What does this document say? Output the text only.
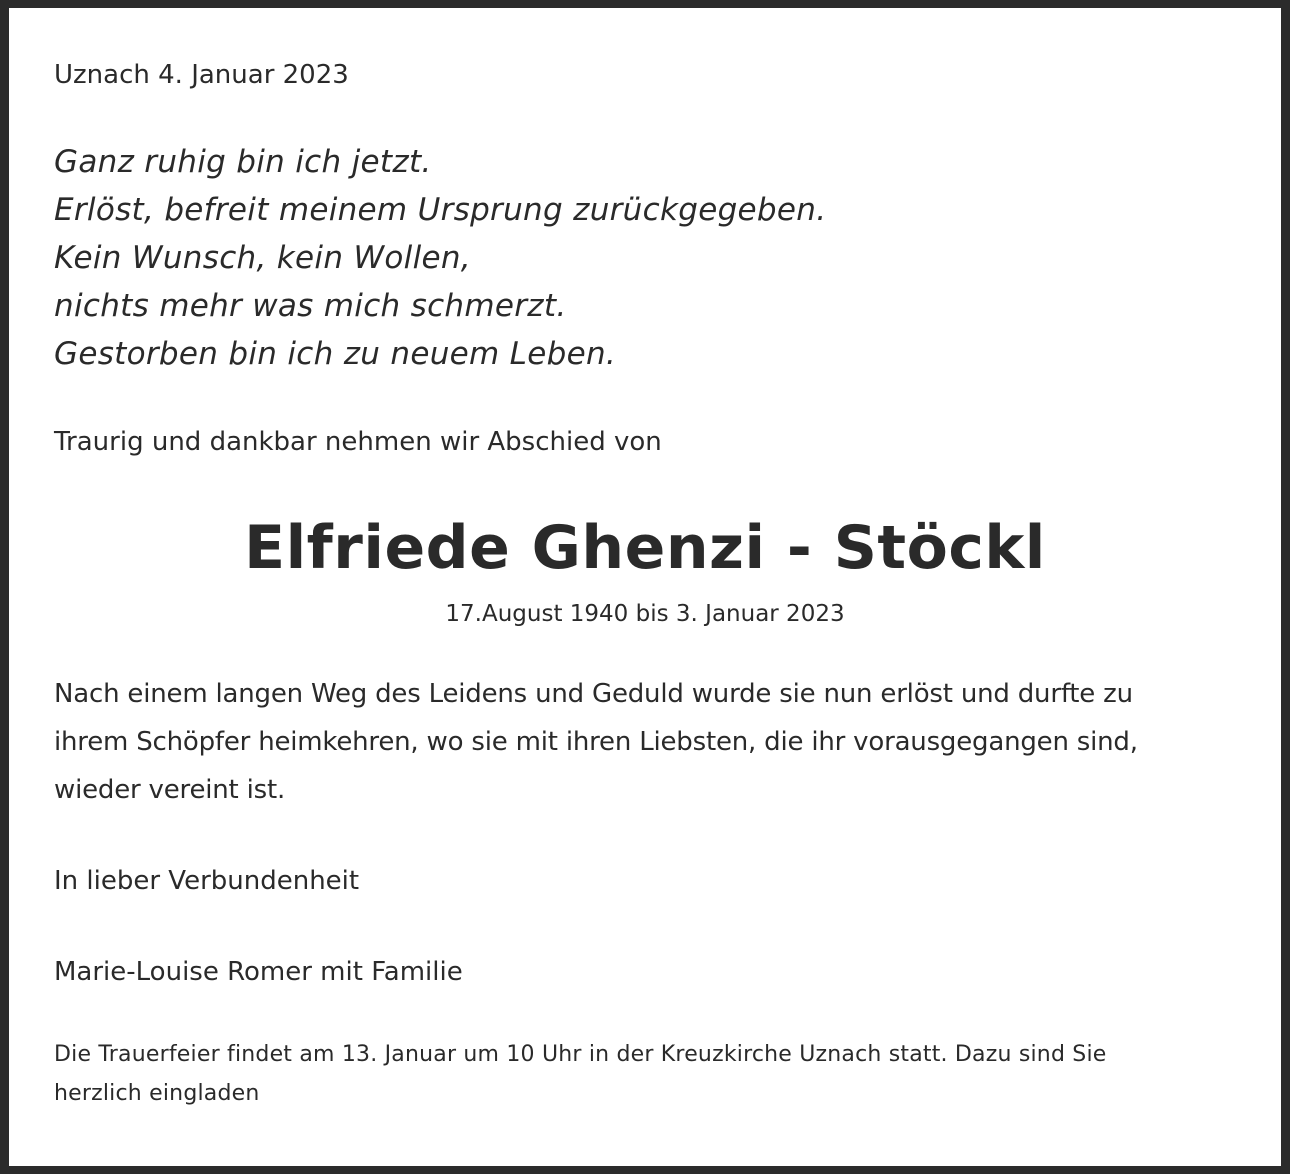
Uznach 4. Januar 2023

Ganz ruhig bin ich jetzt.
Erlöst, befreit meinem Ursprung zurückgegeben.
Kein Wunsch, kein Wollen,
nichts mehr was mich schmerzt.
Gestorben bin ich zu neuem Leben.

Traurig und dankbar nehmen wir Abschied von

Elfriede Ghenzi - Stöckl

17.August 1940 bis 3. Januar 2023

Nach einem langen Weg des Leidens und Geduld wurde sie nun erlöst und durfte zu
ihrem Schöpfer heimkehren, wo sie mit ihren Liebsten, die ihr vorausgegangen sind,
wieder vereint ist.

In lieber Verbundenheit

Marie-Louise Romer mit Familie

Die Trauerfeier findet am 13. Januar um 10 Uhr in der Kreuzkirche Uznach statt. Dazu sind Sie
herzlich eingladen
